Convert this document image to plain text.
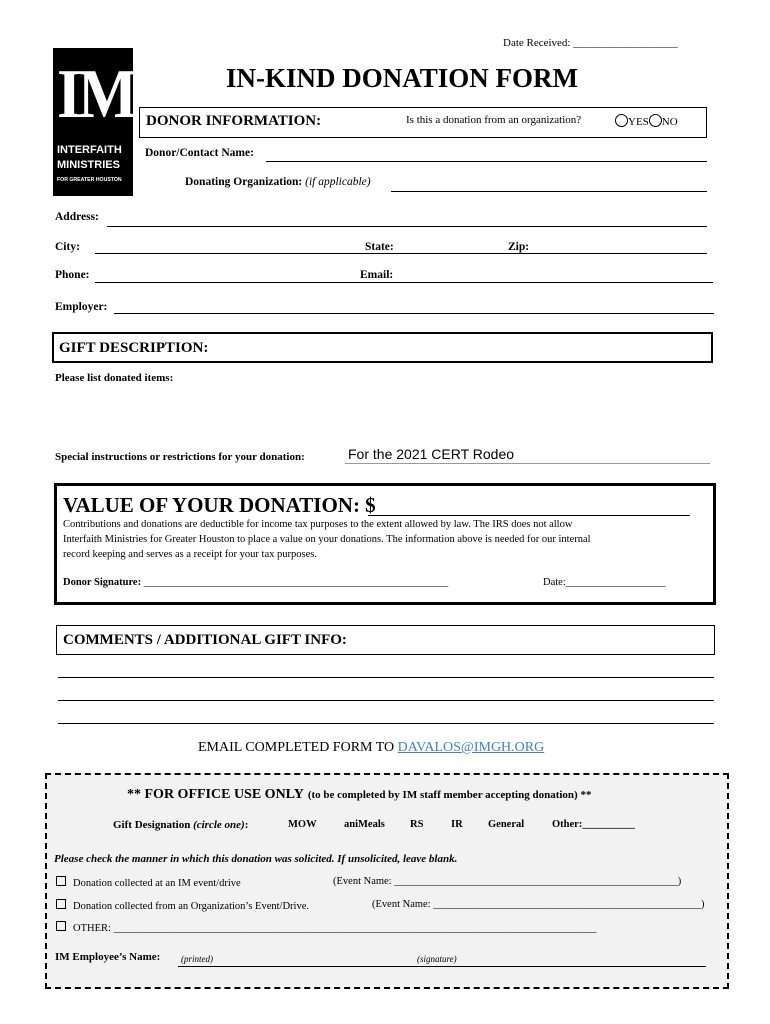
Date Received: ___________________
IM
INTERFAITH
MINISTRIES
FOR GREATER HOUSTON
IN-KIND DONATION FORM
DONOR INFORMATION:	Is this a donation from an organization?	YES NO
Donor/Contact Name:
Donating Organization: (if applicable)
Address:
City:	State:	Zip:
Phone:	Email:
Employer:
GIFT DESCRIPTION:
Please list donated items:
Special instructions or restrictions for your donation:	For the 2021 CERT Rodeo
VALUE OF YOUR DONATION: $
Contributions and donations are deductible for income tax purposes to the extent allowed by law. The IRS does not allow
Interfaith Ministries for Greater Houston to place a value on your donations. The information above is needed for our internal
record keeping and serves as a receipt for your tax purposes.
Donor Signature: __________________________________________________________	Date:___________________
COMMENTS / ADDITIONAL GIFT INFO:
EMAIL COMPLETED FORM TO DAVALOS@IMGH.ORG
** FOR OFFICE USE ONLY (to be completed by IM staff member accepting donation) **
Gift Designation (circle one):	MOW	aniMeals RS	IR General	Other:__________
Please check the manner in which this donation was solicited. If unsolicited, leave blank.
Donation collected at an IM event/drive	(Event Name: ______________________________________________________)
Donation collected from an Organization’s Event/Drive.	(Event Name: ___________________________________________________)
OTHER: ____________________________________________________________________________________________
IM Employee’s Name: (printed)	(signature)
